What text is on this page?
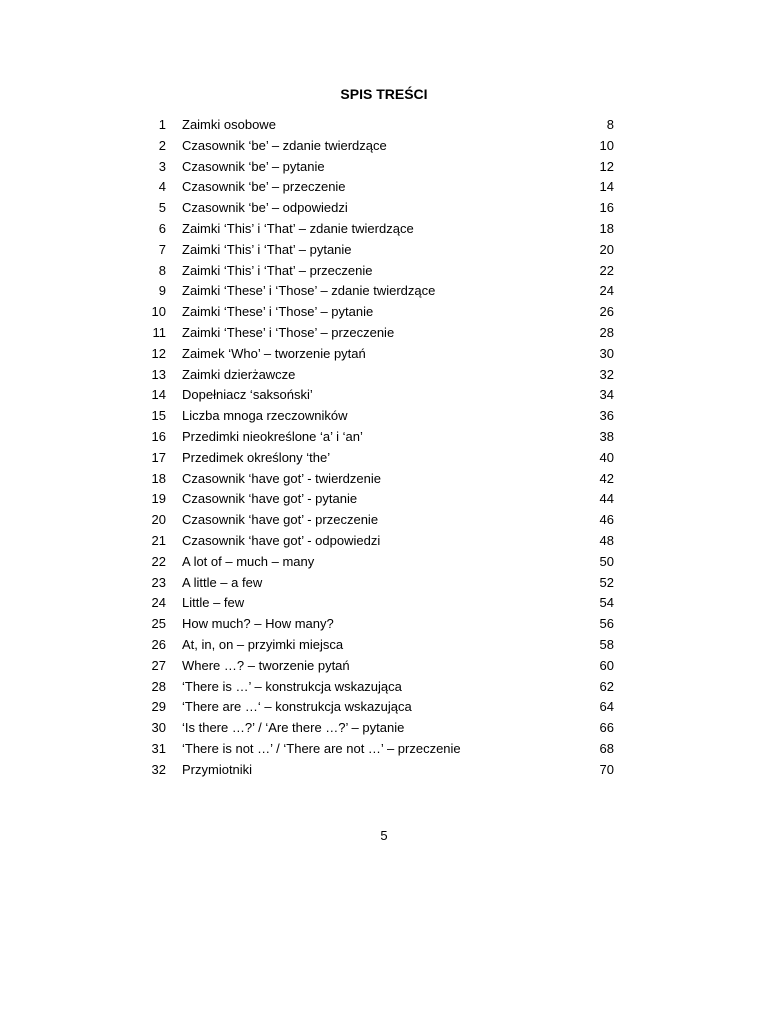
SPIS TREŚCI
1 Zaimki osobowe	8
2 Czasownik ‘be’ – zdanie twierdzące	10
3 Czasownik ‘be’ – pytanie	12
4 Czasownik ‘be’ – przeczenie	14
5 Czasownik ‘be’ – odpowiedzi	16
6 Zaimki ‘This’ i ‘That’ – zdanie twierdzące	18
7 Zaimki ‘This’ i ‘That’ – pytanie	20
8 Zaimki ‘This’ i ‘That’ – przeczenie	22
9 Zaimki ‘These’ i ‘Those’ – zdanie twierdzące	24
10 Zaimki ‘These’ i ‘Those’ – pytanie	26
11 Zaimki ‘These’ i ‘Those’ – przeczenie	28
12 Zaimek ‘Who’ – tworzenie pytań	30
13 Zaimki dzierżawcze	32
14 Dopełniacz ‘saksoński’	34
15 Liczba mnoga rzeczowników	36
16 Przedimki nieokreślone ‘a’ i ‘an’	38
17 Przedimek określony ‘the’	40
18 Czasownik ‘have got’ - twierdzenie	42
19 Czasownik ‘have got’ - pytanie	44
20 Czasownik ‘have got’ - przeczenie	46
21 Czasownik ‘have got’ - odpowiedzi	48
22 A lot of – much – many	50
23 A little – a few	52
24 Little – few	54
25 How much? – How many?	56
26 At, in, on – przyimki miejsca	58
27 Where …? – tworzenie pytań	60
28 ‘There is …’ – konstrukcja wskazująca	62
29 ‘There are …‘ – konstrukcja wskazująca	64
30 ‘Is there …?’ / ‘Are there …?’ – pytanie	66
31 ‘There is not …’ / ‘There are not …’ – przeczenie	68
32 Przymiotniki	70
5
